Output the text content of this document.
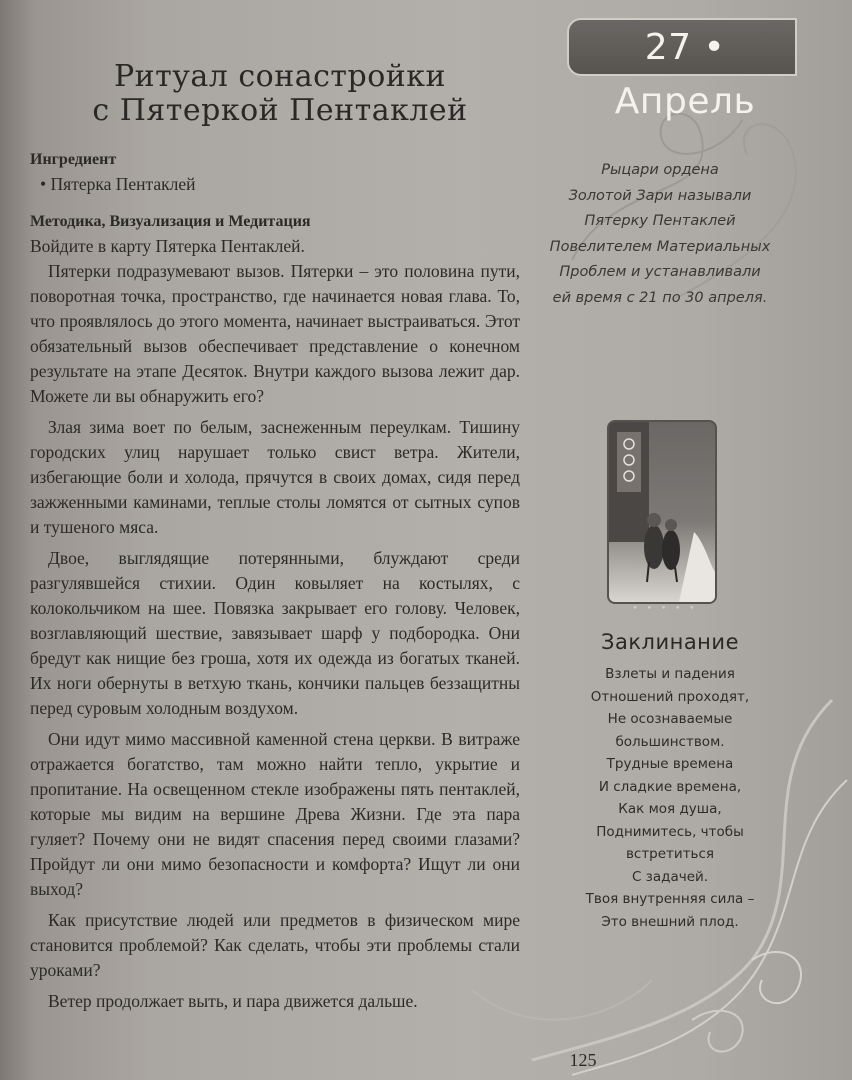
27 • Апрель
Ритуал сонастройки
с Пятеркой Пентаклей

Ингредиент

• Пятерка Пентаклей

Методика, Визуализация и Медитация

Войдите в карту Пятерка Пентаклей.

Пятерки подразумевают вызов. Пятерки – это половина пути, поворотная точка, пространство, где начинается новая глава. То, что проявлялось до этого момента, начинает выстраиваться. Этот обязательный вызов обеспечивает представление о конечном результате на этапе Десяток. Внутри каждого вызова лежит дар. Можете ли вы обнаружить его?

Злая зима воет по белым, заснеженным переулкам. Тишину городских улиц нарушает только свист ветра. Жители, избегающие боли и холода, прячутся в своих домах, сидя перед зажженными каминами, теплые столы ломятся от сытных супов и тушеного мяса.

Двое, выглядящие потерянными, блуждают среди разгулявшейся стихии. Один ковыляет на костылях, с колокольчиком на шее. Повязка закрывает его голову. Человек, возглавляющий шествие, завязывает шарф у подбородка. Они бредут как нищие без гроша, хотя их одежда из богатых тканей. Их ноги обернуты в ветхую ткань, кончики пальцев беззащитны перед суровым холодным воздухом.

Они идут мимо массивной каменной стена церкви. В витраже отражается богатство, там можно найти тепло, укрытие и пропитание. На освещенном стекле изображены пять пентаклей, которые мы видим на вершине Древа Жизни. Где эта пара гуляет? Почему они не видят спасения перед своими глазами? Пройдут ли они мимо безопасности и комфорта? Ищут ли они выход?

Как присутствие людей или предметов в физическом мире становится проблемой? Как сделать, чтобы эти проблемы стали уроками?

Ветер продолжает выть, и пара движется дальше.

Рыцари ордена
Золотой Зари называли
Пятерку Пентаклей
Повелителем Материальных
Проблем и устанавливали
ей время с 21 по 30 апреля.
• • • • •
Заклинание
Взлеты и падения
Отношений проходят,
Не осознаваемые
большинством.
Трудные времена
И сладкие времена,
Как моя душа,
Поднимитесь, чтобы
встретиться
С задачей.
Твоя внутренняя сила –
Это внешний плод.
125
